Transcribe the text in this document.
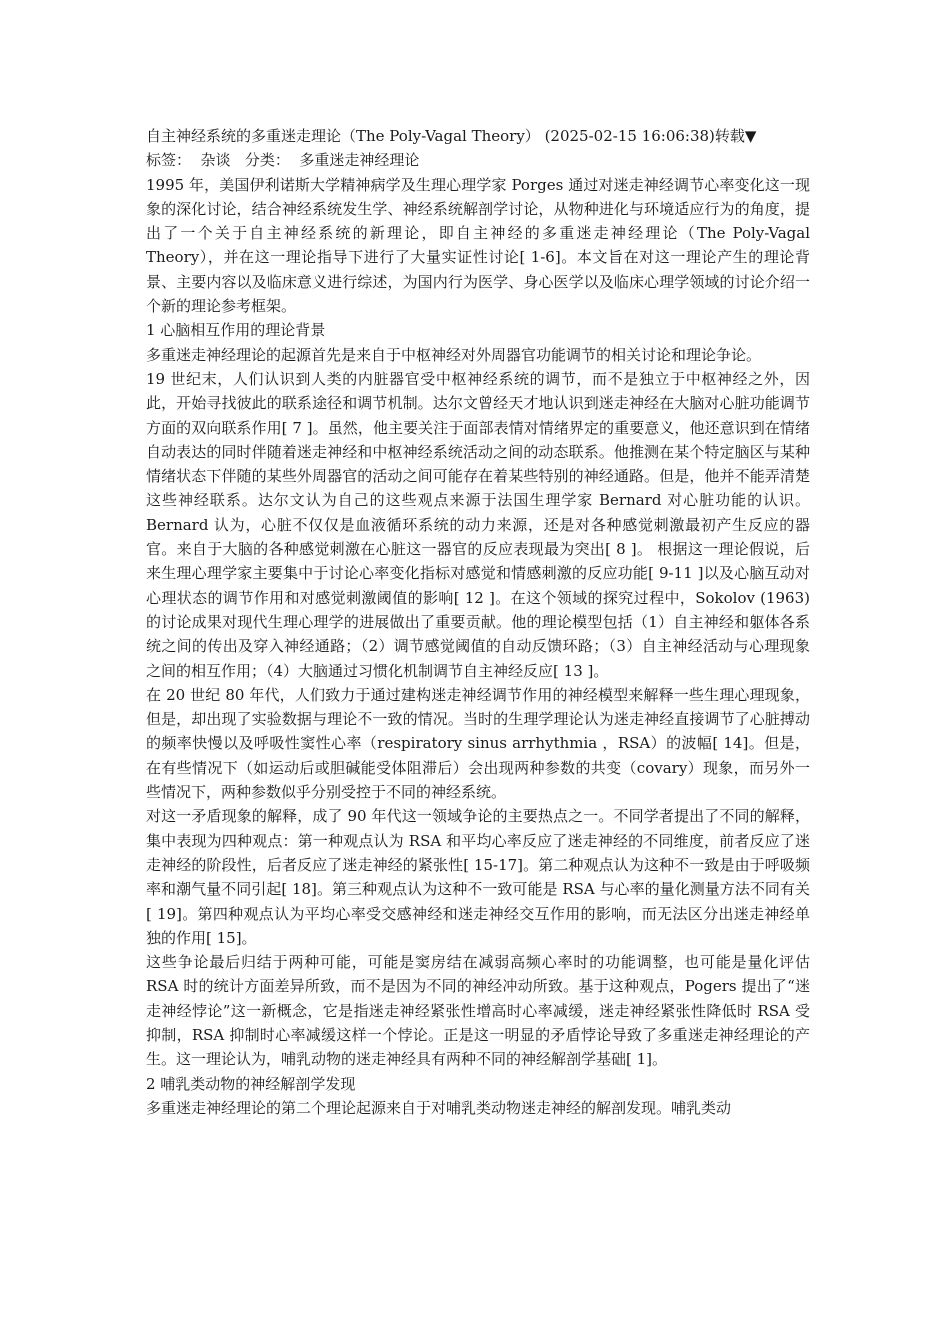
自主神经系统的多重迷走理论（The Poly-Vagal Theory） (2025-02-15 16:06:38)转载▼

标签：  杂谈   分类：  多重迷走神经理论

1995 年，美国伊利诺斯大学精神病学及生理心理学家 Porges 通过对迷走神经调节心率变化这一现象的深化讨论，结合神经系统发生学、神经系统解剖学讨论，从物种进化与环境适应行为的角度，提出了一个关于自主神经系统的新理论，即自主神经的多重迷走神经理论（The Poly-Vagal Theory），并在这一理论指导下进行了大量实证性讨论[ 1-6]。本文旨在对这一理论产生的理论背景、主要内容以及临床意义进行综述，为国内行为医学、身心医学以及临床心理学领域的讨论介绍一个新的理论参考框架。

1 心脑相互作用的理论背景

多重迷走神经理论的起源首先是来自于中枢神经对外周器官功能调节的相关讨论和理论争论。

19 世纪末，人们认识到人类的内脏器官受中枢神经系统的调节，而不是独立于中枢神经之外，因此，开始寻找彼此的联系途径和调节机制。达尔文曾经天才地认识到迷走神经在大脑对心脏功能调节方面的双向联系作用[ 7 ]。虽然，他主要关注于面部表情对情绪界定的重要意义，他还意识到在情绪自动表达的同时伴随着迷走神经和中枢神经系统活动之间的动态联系。他推测在某个特定脑区与某种情绪状态下伴随的某些外周器官的活动之间可能存在着某些特别的神经通路。但是，他并不能弄清楚这些神经联系。达尔文认为自己的这些观点来源于法国生理学家 Bernard 对心脏功能的认识。Bernard 认为，心脏不仅仅是血液循环系统的动力来源，还是对各种感觉刺激最初产生反应的器官。来自于大脑的各种感觉刺激在心脏这一器官的反应表现最为突出[ 8 ]。 根据这一理论假说，后来生理心理学家主要集中于讨论心率变化指标对感觉和情感刺激的反应功能[ 9-11 ]以及心脑互动对心理状态的调节作用和对感觉刺激阈值的影响[ 12 ]。在这个领域的探究过程中，Sokolov (1963)的讨论成果对现代生理心理学的进展做出了重要贡献。他的理论模型包括（1）自主神经和躯体各系统之间的传出及穿入神经通路；（2）调节感觉阈值的自动反馈环路；（3）自主神经活动与心理现象之间的相互作用；（4）大脑通过习惯化机制调节自主神经反应[ 13 ]。

在 20 世纪 80 年代，人们致力于通过建构迷走神经调节作用的神经模型来解释一些生理心理现象，但是，却出现了实验数据与理论不一致的情况。当时的生理学理论认为迷走神经直接调节了心脏搏动的频率快慢以及呼吸性窦性心率（respiratory sinus arrhythmia ，RSA）的波幅[ 14]。但是，在有些情况下（如运动后或胆碱能受体阻滞后）会出现两种参数的共变（covary）现象，而另外一些情况下，两种参数似乎分别受控于不同的神经系统。

对这一矛盾现象的解释，成了 90 年代这一领域争论的主要热点之一。不同学者提出了不同的解释，集中表现为四种观点：第一种观点认为 RSA 和平均心率反应了迷走神经的不同维度，前者反应了迷走神经的阶段性，后者反应了迷走神经的紧张性[ 15-17]。第二种观点认为这种不一致是由于呼吸频率和潮气量不同引起[ 18]。第三种观点认为这种不一致可能是 RSA 与心率的量化测量方法不同有关[ 19]。第四种观点认为平均心率受交感神经和迷走神经交互作用的影响，而无法区分出迷走神经单独的作用[ 15]。

这些争论最后归结于两种可能，可能是窦房结在减弱高频心率时的功能调整，也可能是量化评估 RSA 时的统计方面差异所致，而不是因为不同的神经冲动所致。基于这种观点，Pogers 提出了“迷走神经悖论”这一新概念，它是指迷走神经紧张性增高时心率减缓，迷走神经紧张性降低时 RSA 受抑制，RSA 抑制时心率减缓这样一个悖论。正是这一明显的矛盾悖论导致了多重迷走神经理论的产生。这一理论认为，哺乳动物的迷走神经具有两种不同的神经解剖学基础[ 1]。

2 哺乳类动物的神经解剖学发现

多重迷走神经理论的第二个理论起源来自于对哺乳类动物迷走神经的解剖发现。哺乳类动
